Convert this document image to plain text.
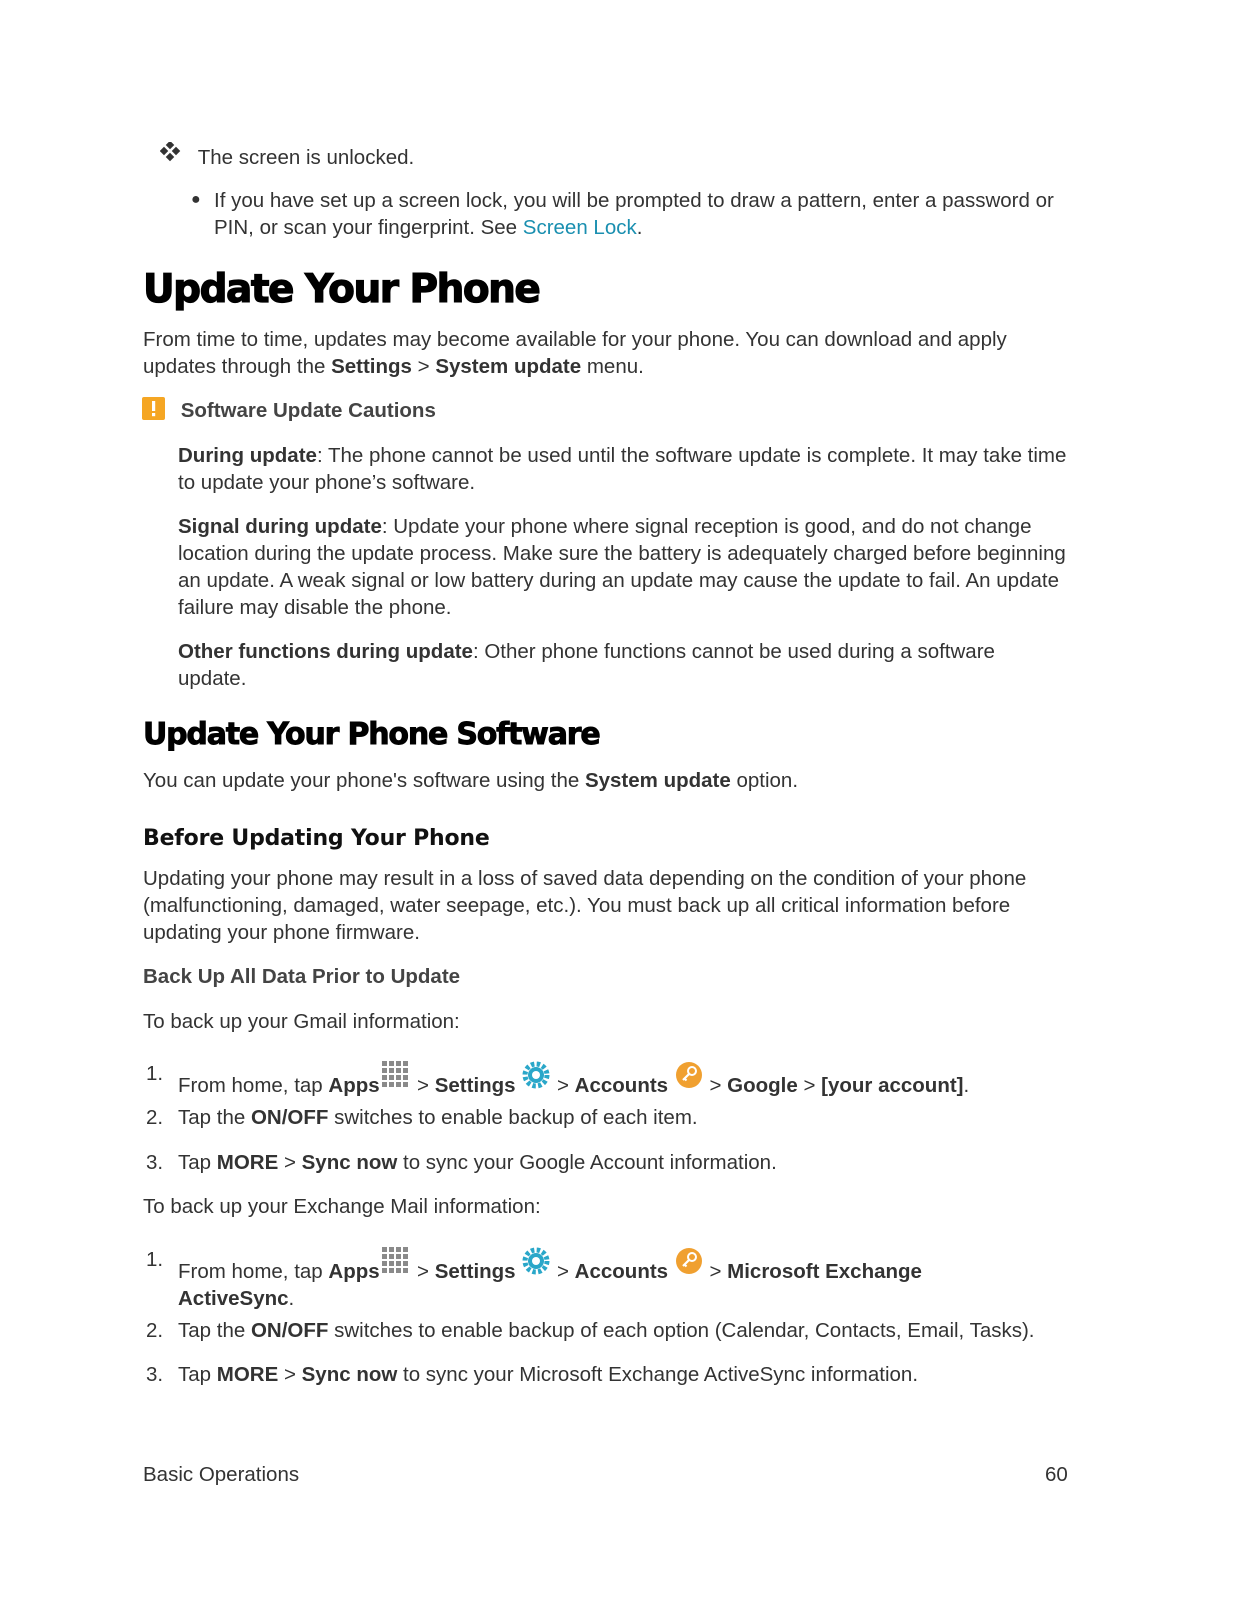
The screen is unlocked.
● If you have set up a screen lock, you will be prompted to draw a pattern, enter a password or PIN, or scan your fingerprint. See Screen Lock.
Update Your Phone
From time to time, updates may become available for your phone. You can download and apply updates through the Settings > System update menu.
Software Update Cautions
During update: The phone cannot be used until the software update is complete. It may take time to update your phone’s software.
Signal during update: Update your phone where signal reception is good, and do not change location during the update process. Make sure the battery is adequately charged before beginning an update. A weak signal or low battery during an update may cause the update to fail. An update failure may disable the phone.
Other functions during update: Other phone functions cannot be used during a software update.
Update Your Phone Software
You can update your phone's software using the System update option.
Before Updating Your Phone
Updating your phone may result in a loss of saved data depending on the condition of your phone (malfunctioning, damaged, water seepage, etc.). You must back up all critical information before updating your phone firmware.
Back Up All Data Prior to Update
To back up your Gmail information:
1.
From home, tap Apps  > Settings  > Accounts  > Google > [your account].
2. Tap the ON/OFF switches to enable backup of each item.
3. Tap MORE > Sync now to sync your Google Account information.
To back up your Exchange Mail information:
1.
From home, tap Apps  > Settings  > Accounts  > Microsoft Exchange ActiveSync.
2. Tap the ON/OFF switches to enable backup of each option (Calendar, Contacts, Email, Tasks).
3. Tap MORE > Sync now to sync your Microsoft Exchange ActiveSync information.
Basic Operations	60
